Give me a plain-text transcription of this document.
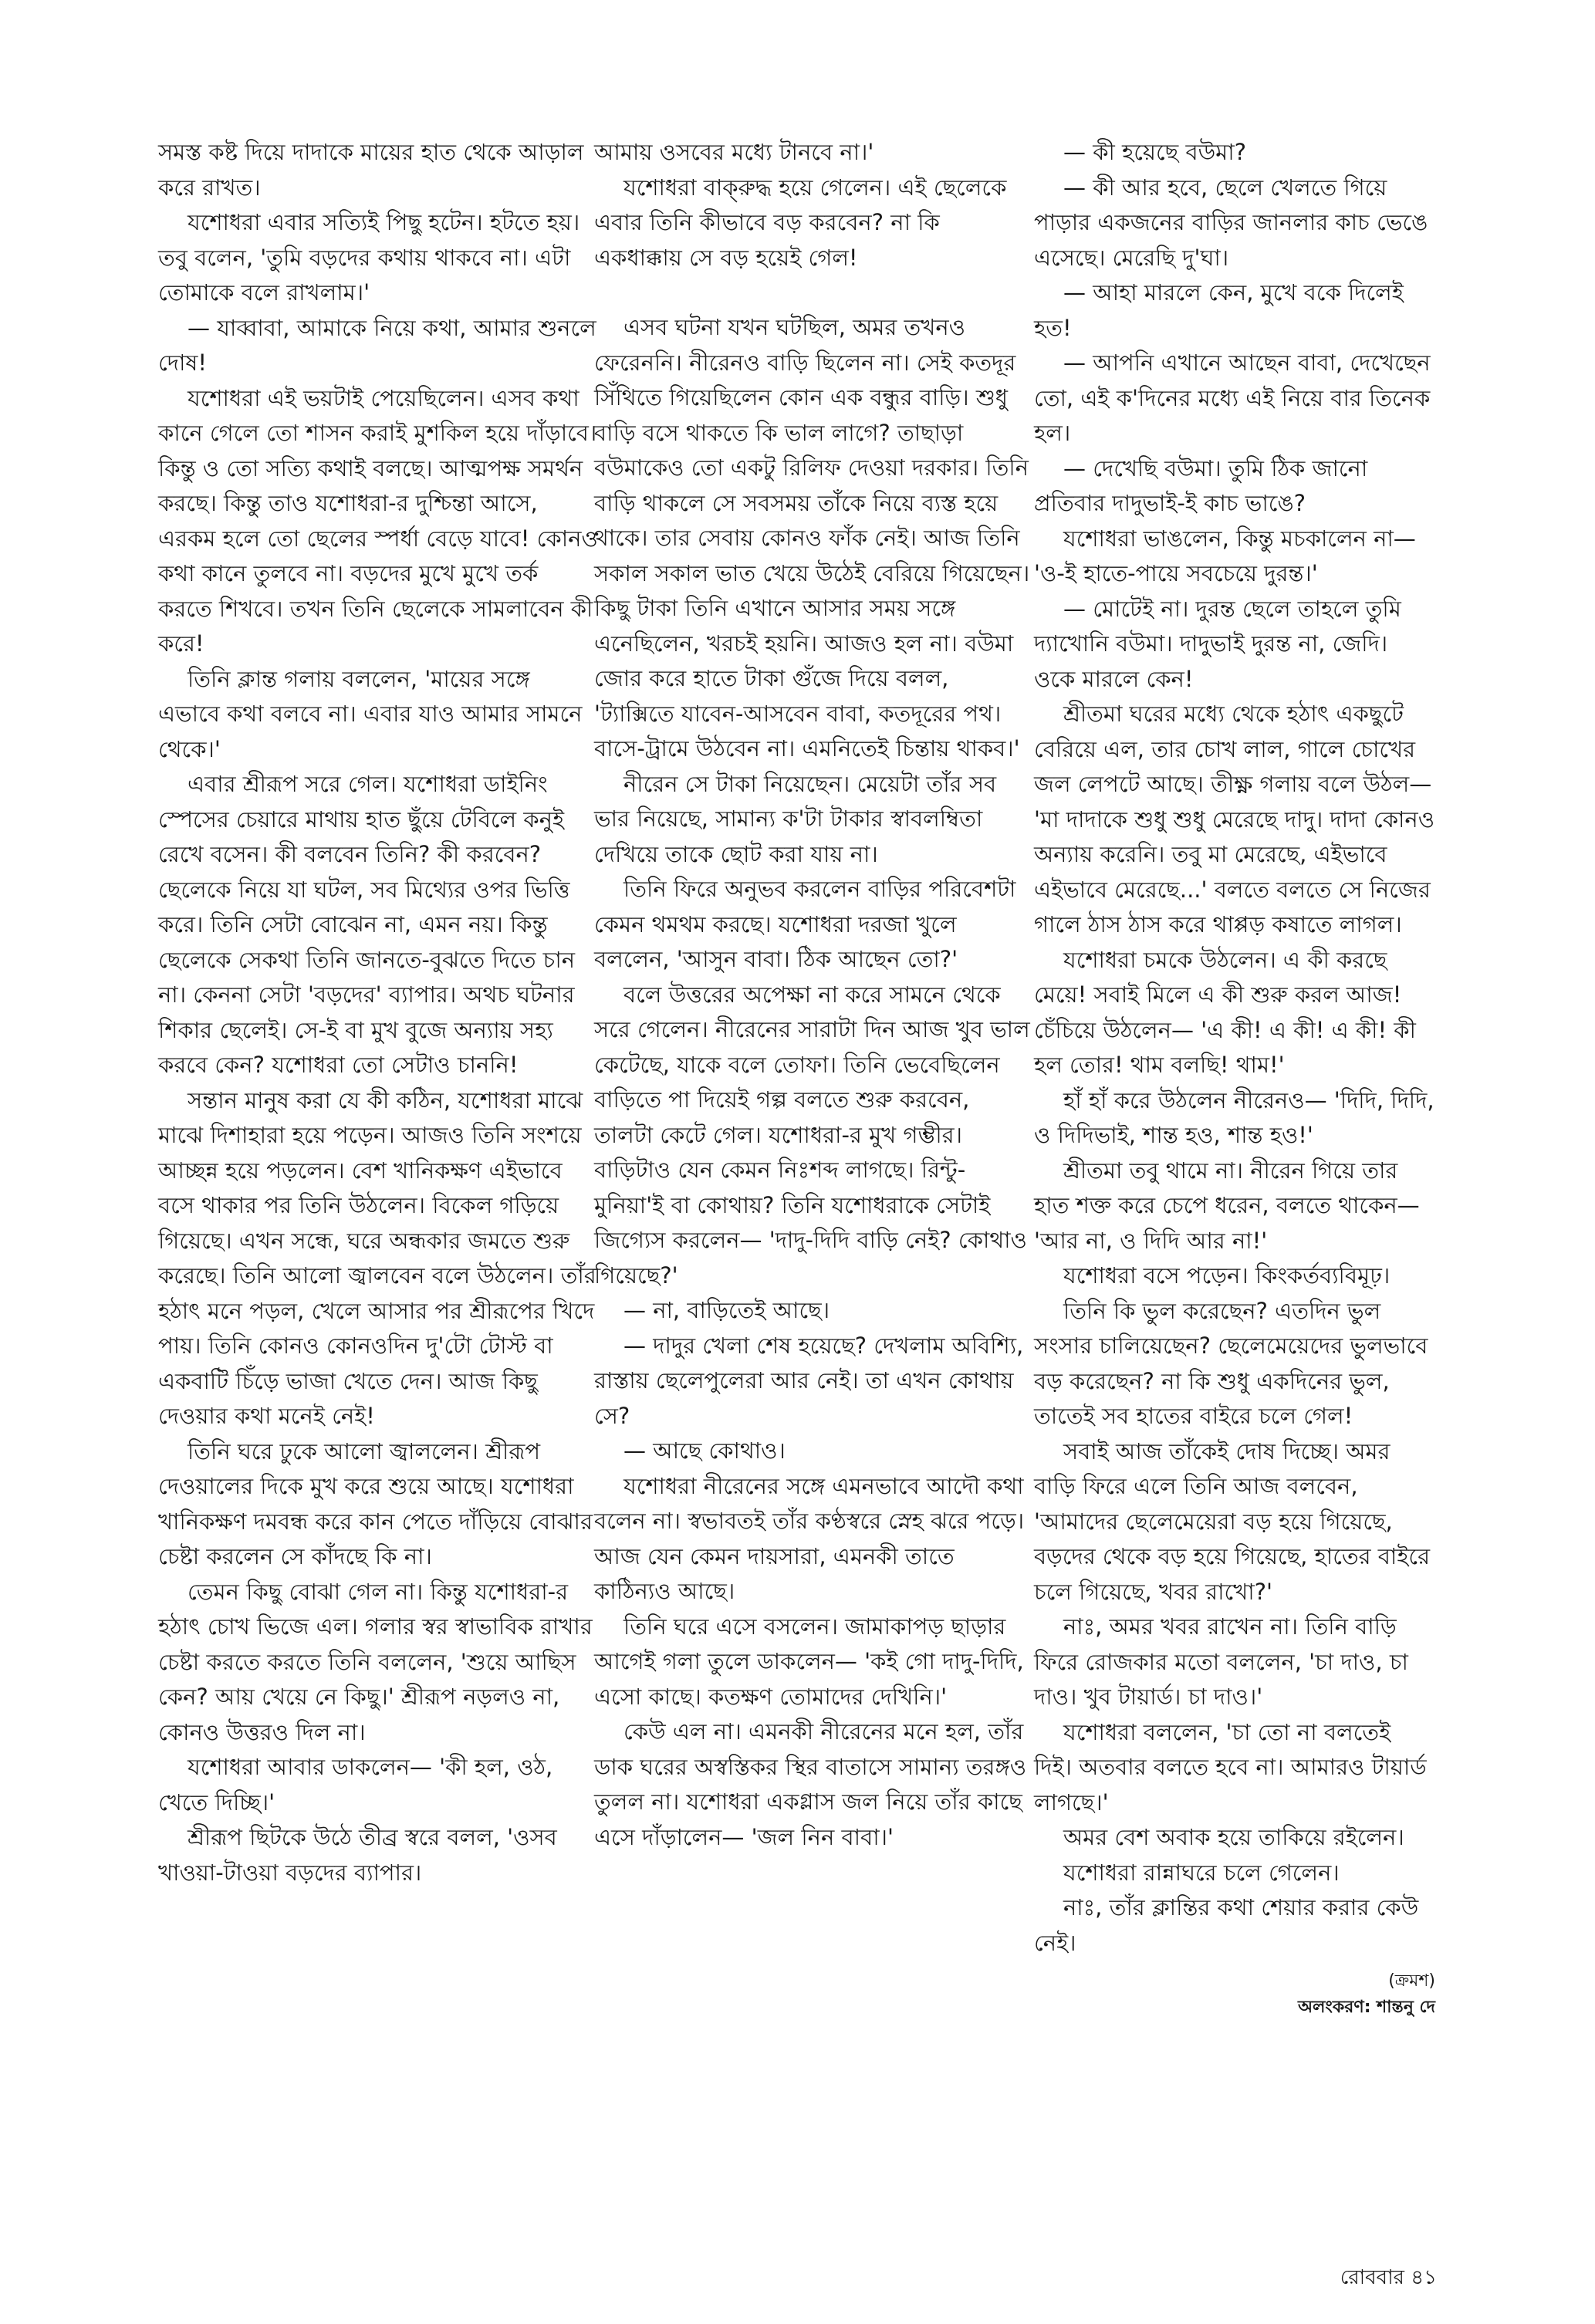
সমস্ত কষ্ট দিয়ে দাদাকে মায়ের হাত থেকে আড়াল করে রাখত।

যশোধরা এবার সত্যিই পিছু হটেন। হটতে হয়। তবু বলেন, 'তুমি বড়দের কথায় থাকবে না। এটা তোমাকে বলে রাখলাম।'

— যাব্বাবা, আমাকে নিয়ে কথা, আমার শুনলে দোষ!

যশোধরা এই ভয়টাই পেয়েছিলেন। এসব কথা কানে গেলে তো শাসন করাই মুশকিল হয়ে দাঁড়াবে। কিন্তু ও তো সত্যি কথাই বলছে। আত্মপক্ষ সমর্থন করছে। কিন্তু তাও যশোধরা-র দুশ্চিন্তা আসে, এরকম হলে তো ছেলের স্পর্ধা বেড়ে যাবে! কোনও কথা কানে তুলবে না। বড়দের মুখে মুখে তর্ক করতে শিখবে। তখন তিনি ছেলেকে সামলাবেন কী করে!

তিনি ক্লান্ত গলায় বললেন, 'মায়ের সঙ্গে এভাবে কথা বলবে না। এবার যাও আমার সামনে থেকে।'

এবার শ্রীরূপ সরে গেল। যশোধরা ডাইনিং স্পেসের চেয়ারে মাথায় হাত ছুঁয়ে টেবিলে কনুই রেখে বসেন। কী বলবেন তিনি? কী করবেন? ছেলেকে নিয়ে যা ঘটল, সব মিথ্যের ওপর ভিত্তি করে। তিনি সেটা বোঝেন না, এমন নয়। কিন্তু ছেলেকে সেকথা তিনি জানতে-বুঝতে দিতে চান না। কেননা সেটা 'বড়দের' ব্যাপার। অথচ ঘটনার শিকার ছেলেই। সে-ই বা মুখ বুজে অন্যায় সহ্য করবে কেন? যশোধরা তো সেটাও চাননি!

সন্তান মানুষ করা যে কী কঠিন, যশোধরা মাঝে মাঝে দিশাহারা হয়ে পড়েন। আজও তিনি সংশয়ে আচ্ছন্ন হয়ে পড়লেন। বেশ খানিকক্ষণ এইভাবে বসে থাকার পর তিনি উঠলেন। বিকেল গড়িয়ে গিয়েছে। এখন সন্ধে, ঘরে অন্ধকার জমতে শুরু করেছে। তিনি আলো জ্বালবেন বলে উঠলেন। তাঁর হঠাৎ মনে পড়ল, খেলে আসার পর শ্রীরূপের খিদে পায়। তিনি কোনও কোনওদিন দু'টো টোস্ট বা একবাটি চিঁড়ে ভাজা খেতে দেন। আজ কিছু দেওয়ার কথা মনেই নেই!

তিনি ঘরে ঢুকে আলো জ্বাললেন। শ্রীরূপ দেওয়ালের দিকে মুখ করে শুয়ে আছে। যশোধরা খানিকক্ষণ দমবন্ধ করে কান পেতে দাঁড়িয়ে বোঝার চেষ্টা করলেন সে কাঁদছে কি না।

তেমন কিছু বোঝা গেল না। কিন্তু যশোধরা-র হঠাৎ চোখ ভিজে এল। গলার স্বর স্বাভাবিক রাখার চেষ্টা করতে করতে তিনি বললেন, 'শুয়ে আছিস কেন? আয় খেয়ে নে কিছু।' শ্রীরূপ নড়লও না, কোনও উত্তরও দিল না।

যশোধরা আবার ডাকলেন— 'কী হল, ওঠ, খেতে দিচ্ছি।'

শ্রীরূপ ছিটকে উঠে তীব্র স্বরে বলল, 'ওসব খাওয়া-টাওয়া বড়দের ব্যাপার।

আমায় ওসবের মধ্যে টানবে না।'

যশোধরা বাক্‌রুদ্ধ হয়ে গেলেন। এই ছেলেকে এবার তিনি কীভাবে বড় করবেন? না কি একধাক্কায় সে বড় হয়েই গেল!

এসব ঘটনা যখন ঘটছিল, অমর তখনও ফেরেননি। নীরেনও বাড়ি ছিলেন না। সেই কতদূর সিঁথিতে গিয়েছিলেন কোন এক বন্ধুর বাড়ি। শুধু বাড়ি বসে থাকতে কি ভাল লাগে? তাছাড়া বউমাকেও তো একটু রিলিফ দেওয়া দরকার। তিনি বাড়ি থাকলে সে সবসময় তাঁকে নিয়ে ব্যস্ত হয়ে থাকে। তার সেবায় কোনও ফাঁক নেই। আজ তিনি সকাল সকাল ভাত খেয়ে উঠেই বেরিয়ে গিয়েছেন। কিছু টাকা তিনি এখানে আসার সময় সঙ্গে এনেছিলেন, খরচই হয়নি। আজও হল না। বউমা জোর করে হাতে টাকা গুঁজে দিয়ে বলল, 'ট্যাক্সিতে যাবেন-আসবেন বাবা, কতদূরের পথ। বাসে-ট্রামে উঠবেন না। এমনিতেই চিন্তায় থাকব।'

নীরেন সে টাকা নিয়েছেন। মেয়েটা তাঁর সব ভার নিয়েছে, সামান্য ক'টা টাকার স্বাবলম্বিতা দেখিয়ে তাকে ছোট করা যায় না।

তিনি ফিরে অনুভব করলেন বাড়ির পরিবেশটা কেমন থমথম করছে। যশোধরা দরজা খুলে বললেন, 'আসুন বাবা। ঠিক আছেন তো?'

বলে উত্তরের অপেক্ষা না করে সামনে থেকে সরে গেলেন। নীরেনের সারাটা দিন আজ খুব ভাল কেটেছে, যাকে বলে তোফা। তিনি ভেবেছিলেন বাড়িতে পা দিয়েই গল্প বলতে শুরু করবেন, তালটা কেটে গেল। যশোধরা-র মুখ গম্ভীর। বাড়িটাও যেন কেমন নিঃশব্দ লাগছে। রিন্টু-মুনিয়া'ই বা কোথায়? তিনি যশোধরাকে সেটাই জিগ্যেস করলেন— 'দাদু-দিদি বাড়ি নেই? কোথাও গিয়েছে?'

— না, বাড়িতেই আছে।

— দাদুর খেলা শেষ হয়েছে? দেখলাম অবিশ্যি, রাস্তায় ছেলেপুলেরা আর নেই। তা এখন কোথায় সে?

— আছে কোথাও।

যশোধরা নীরেনের সঙ্গে এমনভাবে আদৌ কথা বলেন না। স্বভাবতই তাঁর কণ্ঠস্বরে স্নেহ ঝরে পড়ে। আজ যেন কেমন দায়সারা, এমনকী তাতে কাঠিন্যও আছে।

তিনি ঘরে এসে বসলেন। জামাকাপড় ছাড়ার আগেই গলা তুলে ডাকলেন— 'কই গো দাদু-দিদি, এসো কাছে। কতক্ষণ তোমাদের দেখিনি।'

কেউ এল না। এমনকী নীরেনের মনে হল, তাঁর ডাক ঘরের অস্বস্তিকর স্থির বাতাসে সামান্য তরঙ্গও তুলল না। যশোধরা একগ্লাস জল নিয়ে তাঁর কাছে এসে দাঁড়ালেন— 'জল নিন বাবা।'

— কী হয়েছে বউমা?

— কী আর হবে, ছেলে খেলতে গিয়ে পাড়ার একজনের বাড়ির জানলার কাচ ভেঙে এসেছে। মেরেছি দু'ঘা।

— আহা মারলে কেন, মুখে বকে দিলেই হত!

— আপনি এখানে আছেন বাবা, দেখেছেন তো, এই ক'দিনের মধ্যে এই নিয়ে বার তিনেক হল।

— দেখেছি বউমা। তুমি ঠিক জানো প্রতিবার দাদুভাই-ই কাচ ভাঙে?

যশোধরা ভাঙলেন, কিন্তু মচকালেন না— 'ও-ই হাতে-পায়ে সবচেয়ে দুরন্ত।'

— মোটেই না। দুরন্ত ছেলে তাহলে তুমি দ্যাখোনি বউমা। দাদুভাই দুরন্ত না, জেদি। ওকে মারলে কেন!

শ্রীতমা ঘরের মধ্যে থেকে হঠাৎ একছুটে বেরিয়ে এল, তার চোখ লাল, গালে চোখের জল লেপটে আছে। তীক্ষ্ণ গলায় বলে উঠল— 'মা দাদাকে শুধু শুধু মেরেছে দাদু। দাদা কোনও অন্যায় করেনি। তবু মা মেরেছে, এইভাবে এইভাবে মেরেছে...' বলতে বলতে সে নিজের গালে ঠাস ঠাস করে থাপ্পড় কষাতে লাগল।

যশোধরা চমকে উঠলেন। এ কী করছে মেয়ে! সবাই মিলে এ কী শুরু করল আজ! চেঁচিয়ে উঠলেন— 'এ কী! এ কী! এ কী! কী হল তোর! থাম বলছি! থাম!'

হাঁ হাঁ করে উঠলেন নীরেনও— 'দিদি, দিদি, ও দিদিভাই, শান্ত হও, শান্ত হও!'

শ্রীতমা তবু থামে না। নীরেন গিয়ে তার হাত শক্ত করে চেপে ধরেন, বলতে থাকেন— 'আর না, ও দিদি আর না!'

যশোধরা বসে পড়েন। কিংকর্তব্যবিমূঢ়।

তিনি কি ভুল করেছেন? এতদিন ভুল সংসার চালিয়েছেন? ছেলেমেয়েদের ভুলভাবে বড় করেছেন? না কি শুধু একদিনের ভুল, তাতেই সব হাতের বাইরে চলে গেল!

সবাই আজ তাঁকেই দোষ দিচ্ছে। অমর বাড়ি ফিরে এলে তিনি আজ বলবেন, 'আমাদের ছেলেমেয়েরা বড় হয়ে গিয়েছে, বড়দের থেকে বড় হয়ে গিয়েছে, হাতের বাইরে চলে গিয়েছে, খবর রাখো?'

নাঃ, অমর খবর রাখেন না। তিনি বাড়ি ফিরে রোজকার মতো বললেন, 'চা দাও, চা দাও। খুব টায়ার্ড। চা দাও।'

যশোধরা বললেন, 'চা তো না বলতেই দিই। অতবার বলতে হবে না। আমারও টায়ার্ড লাগছে।'

অমর বেশ অবাক হয়ে তাকিয়ে রইলেন।

যশোধরা রান্নাঘরে চলে গেলেন।

নাঃ, তাঁর ক্লান্তির কথা শেয়ার করার কেউ নেই।

(ক্রমশ)
অলংকরণ: শান্তনু দে
রোববার ৪১
